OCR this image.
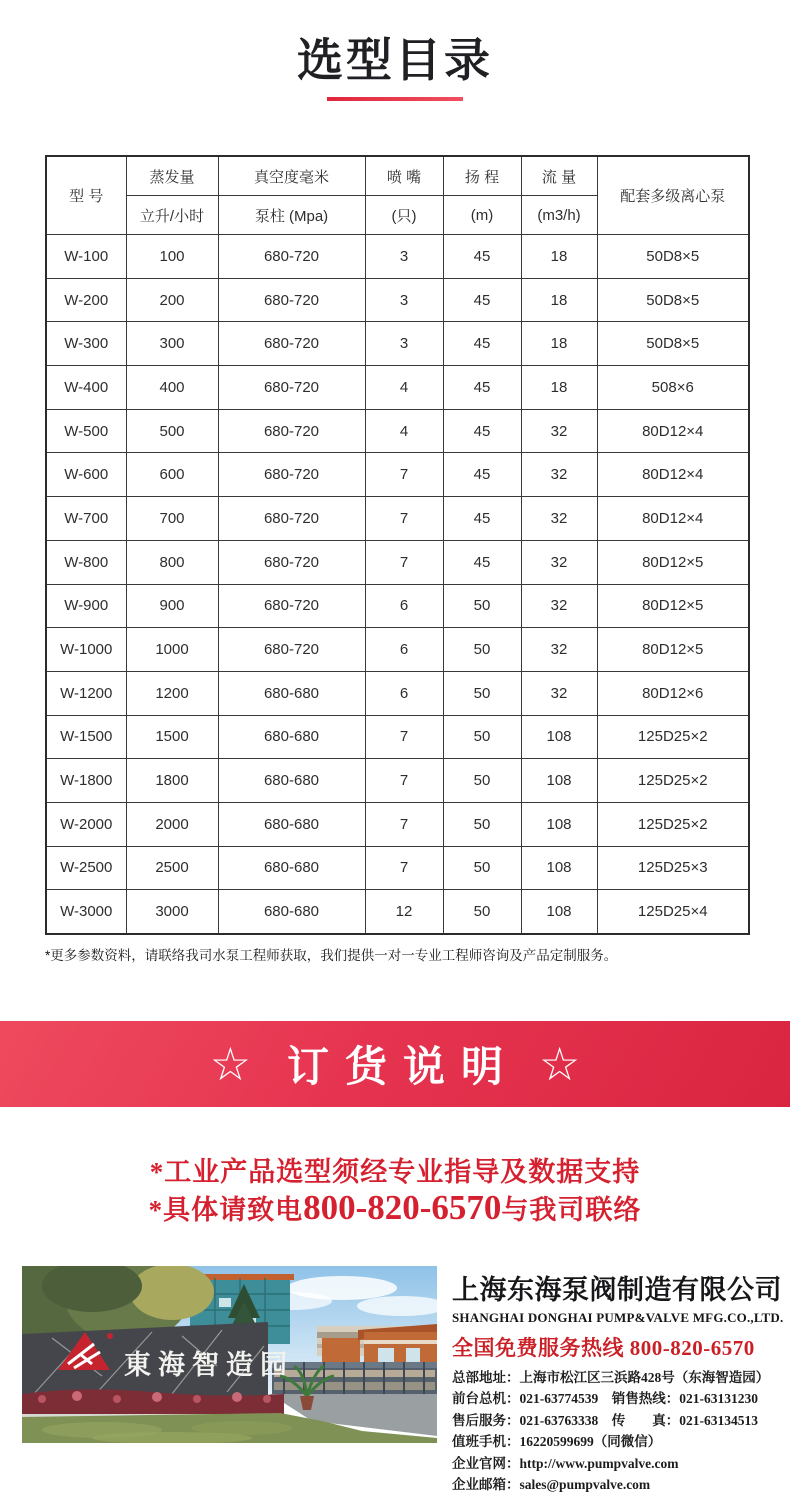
选型目录
型 号	蒸发量	真空度毫米	喷 嘴	扬 程	流 量	配套多级离心泵
	立升/小时	泵柱 (Mpa)	(只)	(m)	(m3/h)	
W-100	100	680-720	3	45	18	50D8×5
W-200	200	680-720	3	45	18	50D8×5
W-300	300	680-720	3	45	18	50D8×5
W-400	400	680-720	4	45	18	508×6
W-500	500	680-720	4	45	32	80D12×4
W-600	600	680-720	7	45	32	80D12×4
W-700	700	680-720	7	45	32	80D12×4
W-800	800	680-720	7	45	32	80D12×5
W-900	900	680-720	6	50	32	80D12×5
W-1000	1000	680-720	6	50	32	80D12×5
W-1200	1200	680-680	6	50	32	80D12×6
W-1500	1500	680-680	7	50	108	125D25×2
W-1800	1800	680-680	7	50	108	125D25×2
W-2000	2000	680-680	7	50	108	125D25×2
W-2500	2500	680-680	7	50	108	125D25×3
W-3000	3000	680-680	12	50	108	125D25×4
*更多参数资料，请联络我司水泵工程师获取，我们提供一对一专业工程师咨询及产品定制服务。
☆ 订货说明 ☆
*工业产品选型须经专业指导及数据支持
*具体请致电800-820-6570与我司联络
東海智造园
上海东海泵阀制造有限公司
SHANGHAI DONGHAI PUMP&VALVE MFG.CO.,LTD.
全国免费服务热线 800-820-6570
总部地址：上海市松江区三浜路428号（东海智造园）
前台总机：021-63774539　销售热线：021-63131230
售后服务：021-63763338　传　　真：021-63134513
值班手机：16220599699（同微信）
企业官网：http://www.pumpvalve.com
企业邮箱：sales@pumpvalve.com
